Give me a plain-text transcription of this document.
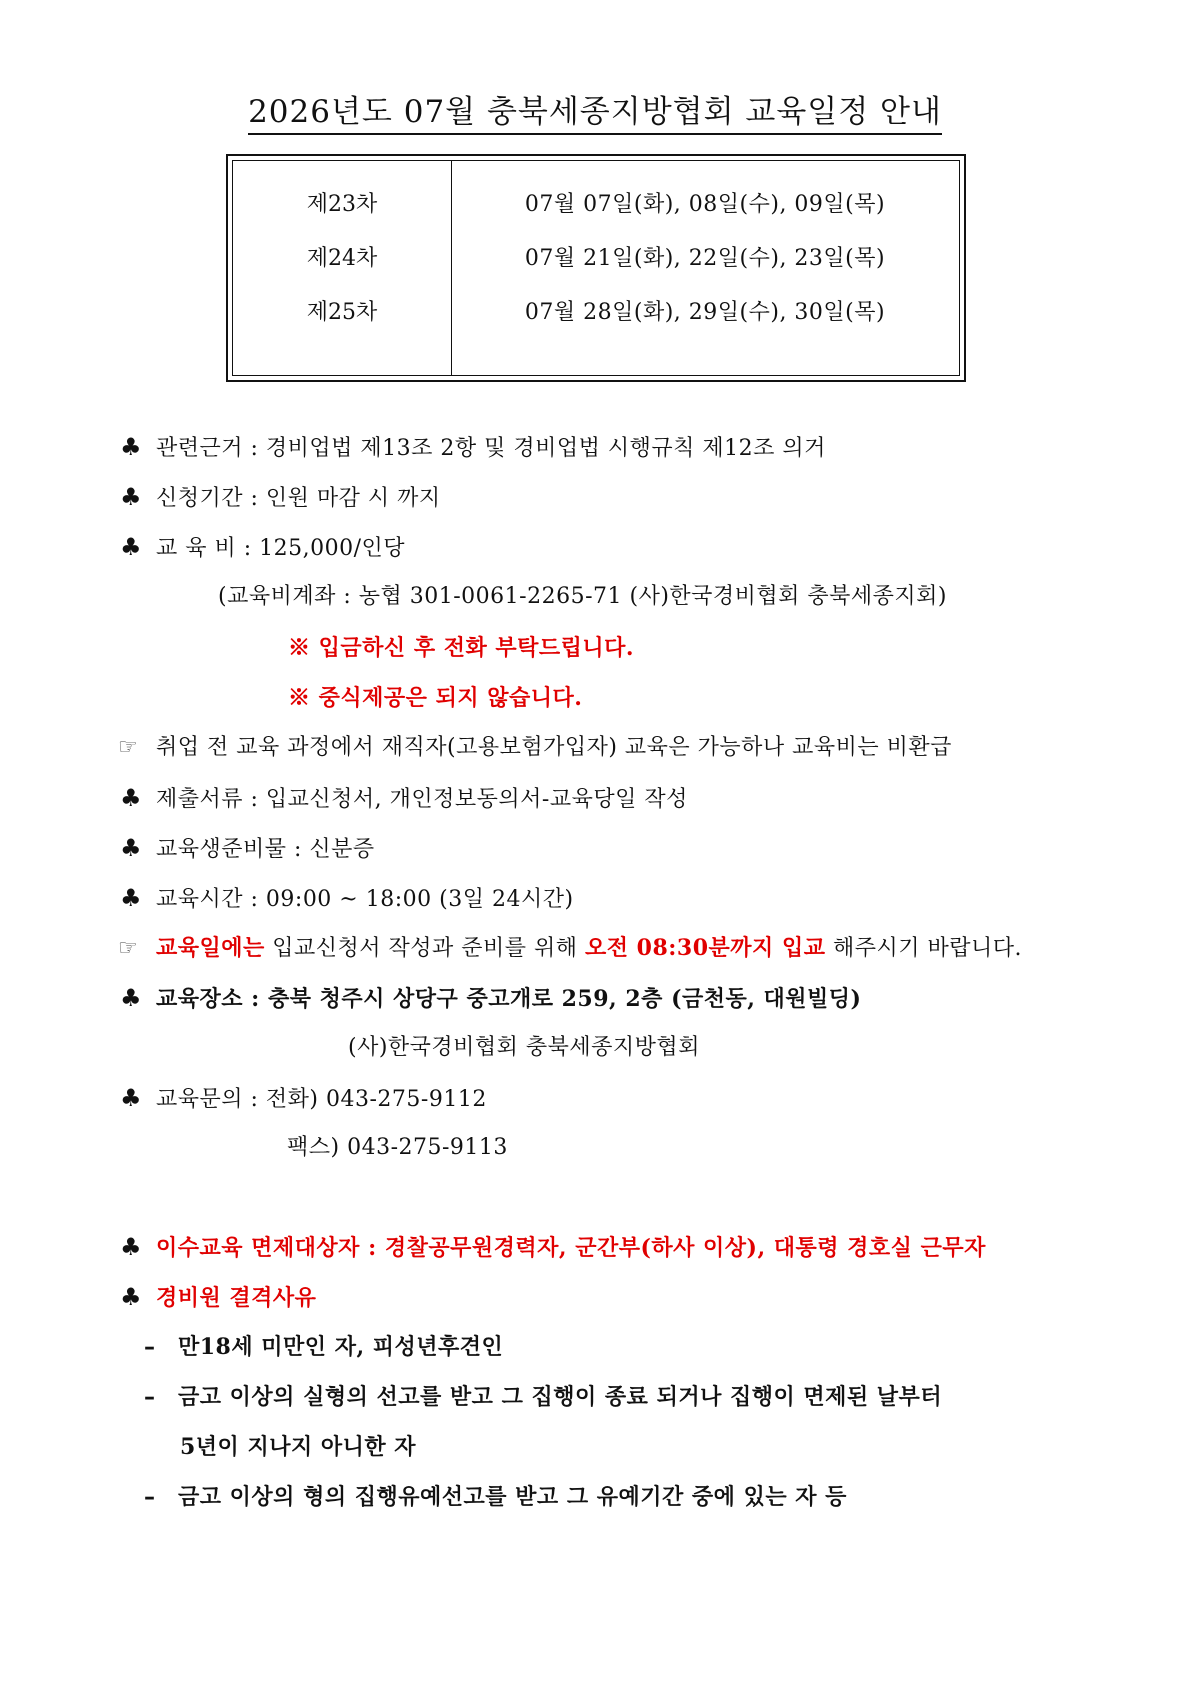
2026년도 07월 충북세종지방협회 교육일정 안내
제23차	07월 07일(화), 08일(수), 09일(목)
제24차	07월 21일(화), 22일(수), 23일(목)
제25차	07월 28일(화), 29일(수), 30일(목)
♣ 관련근거 : 경비업법 제13조 2항 및 경비업법 시행규칙 제12조 의거
♣ 신청기간 : 인원 마감 시 까지
♣ 교 육 비 : 125,000/인당
(교육비계좌 : 농협 301-0061-2265-71 (사)한국경비협회 충북세종지회)
※ 입금하신 후 전화 부탁드립니다.
※ 중식제공은 되지 않습니다.
☞ 취업 전 교육 과정에서 재직자(고용보험가입자) 교육은 가능하나 교육비는 비환급
♣ 제출서류 : 입교신청서, 개인정보동의서-교육당일 작성
♣ 교육생준비물 : 신분증
♣ 교육시간 : 09:00 ~ 18:00 (3일 24시간)
☞ 교육일에는 입교신청서 작성과 준비를 위해 오전 08:30분까지 입교 해주시기 바랍니다.
♣ 교육장소 : 충북 청주시 상당구 중고개로 259, 2층 (금천동, 대원빌딩)
(사)한국경비협회 충북세종지방협회
♣ 교육문의 : 전화) 043-275-9112
팩스) 043-275-9113
♣ 이수교육 면제대상자 : 경찰공무원경력자, 군간부(하사 이상), 대통령 경호실 근무자
♣ 경비원 결격사유
– 만18세 미만인 자, 피성년후견인
– 금고 이상의 실형의 선고를 받고 그 집행이 종료 되거나 집행이 면제된 날부터
5년이 지나지 아니한 자
– 금고 이상의 형의 집행유예선고를 받고 그 유예기간 중에 있는 자 등
